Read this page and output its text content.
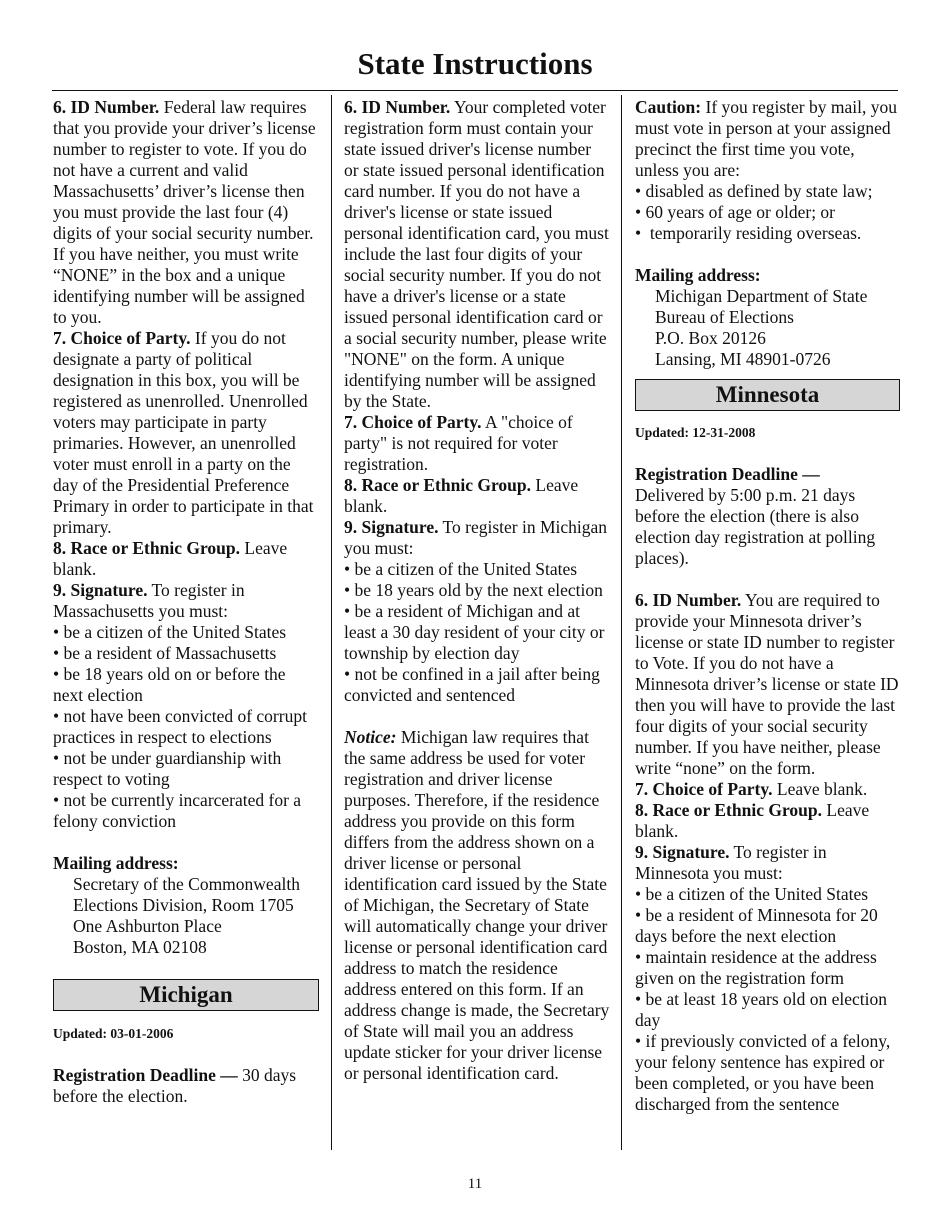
State Instructions

6. ID Number. Federal law requires that you provide your driver’s license number to register to vote. If you do not have a current and valid Massachusetts’ driver’s license then you must provide the last four (4) digits of your social security number. If you have neither, you must write “NONE” in the box and a unique identifying number will be assigned to you.

7. Choice of Party. If you do not designate a party of political designation in this box, you will be registered as unenrolled. Unenrolled voters may participate in party primaries. However, an unenrolled voter must enroll in a party on the day of the Presidential Preference Primary in order to participate in that primary.

8. Race or Ethnic Group. Leave blank.

9. Signature. To register in Massachusetts you must:

• be a citizen of the United States

• be a resident of Massachusetts

• be 18 years old on or before the next election

• not have been convicted of corrupt practices in respect to elections

• not be under guardianship with respect to voting

• not be currently incarcerated for a felony conviction

Mailing address:

Secretary of the Commonwealth

Elections Division, Room 1705

One Ashburton Place

Boston, MA 02108

Michigan

Updated: 03-01-2006

Registration Deadline — 30 days before the election.

6. ID Number. Your completed voter registration form must contain your state issued driver's license number or state issued personal identification card number. If you do not have a driver's license or state issued personal identification card, you must include the last four digits of your social security number. If you do not have a driver's license or a state issued personal identification card or a social security number, please write "NONE" on the form. A unique identifying number will be assigned by the State.

7. Choice of Party. A "choice of party" is not required for voter registration.

8. Race or Ethnic Group. Leave blank.

9. Signature. To register in Michigan you must:

• be a citizen of the United States

• be 18 years old by the next election

• be a resident of Michigan and at least a 30 day resident of your city or township by election day

• not be confined in a jail after being convicted and sentenced

Notice: Michigan law requires that the same address be used for voter registration and driver license purposes. Therefore, if the residence address you provide on this form differs from the address shown on a driver license or personal identification card issued by the State of Michigan, the Secretary of State will automatically change your driver license or personal identification card address to match the residence address entered on this form. If an address change is made, the Secretary of State will mail you an address update sticker for your driver license or personal identification card.

Caution: If you register by mail, you must vote in person at your assigned precinct the first time you vote, unless you are:

• disabled as defined by state law;

• 60 years of age or older; or

•  temporarily residing overseas.

Mailing address:

Michigan Department of State

Bureau of Elections

P.O. Box 20126

Lansing, MI 48901-0726

Minnesota

Updated: 12-31-2008

Registration Deadline —

Delivered by 5:00 p.m. 21 days before the election (there is also election day registration at polling places).

6. ID Number. You are required to provide your Minnesota driver’s license or state ID number to register to Vote. If you do not have a Minnesota driver’s license or state ID then you will have to provide the last four digits of your social security number. If you have neither, please write “none” on the form.

7. Choice of Party. Leave blank.

8. Race or Ethnic Group. Leave blank.

9. Signature. To register in Minnesota you must:

• be a citizen of the United States

• be a resident of Minnesota for 20 days before the next election

• maintain residence at the address given on the registration form

• be at least 18 years old on election day

• if previously convicted of a felony, your felony sentence has expired or been completed, or you have been discharged from the sentence

11
